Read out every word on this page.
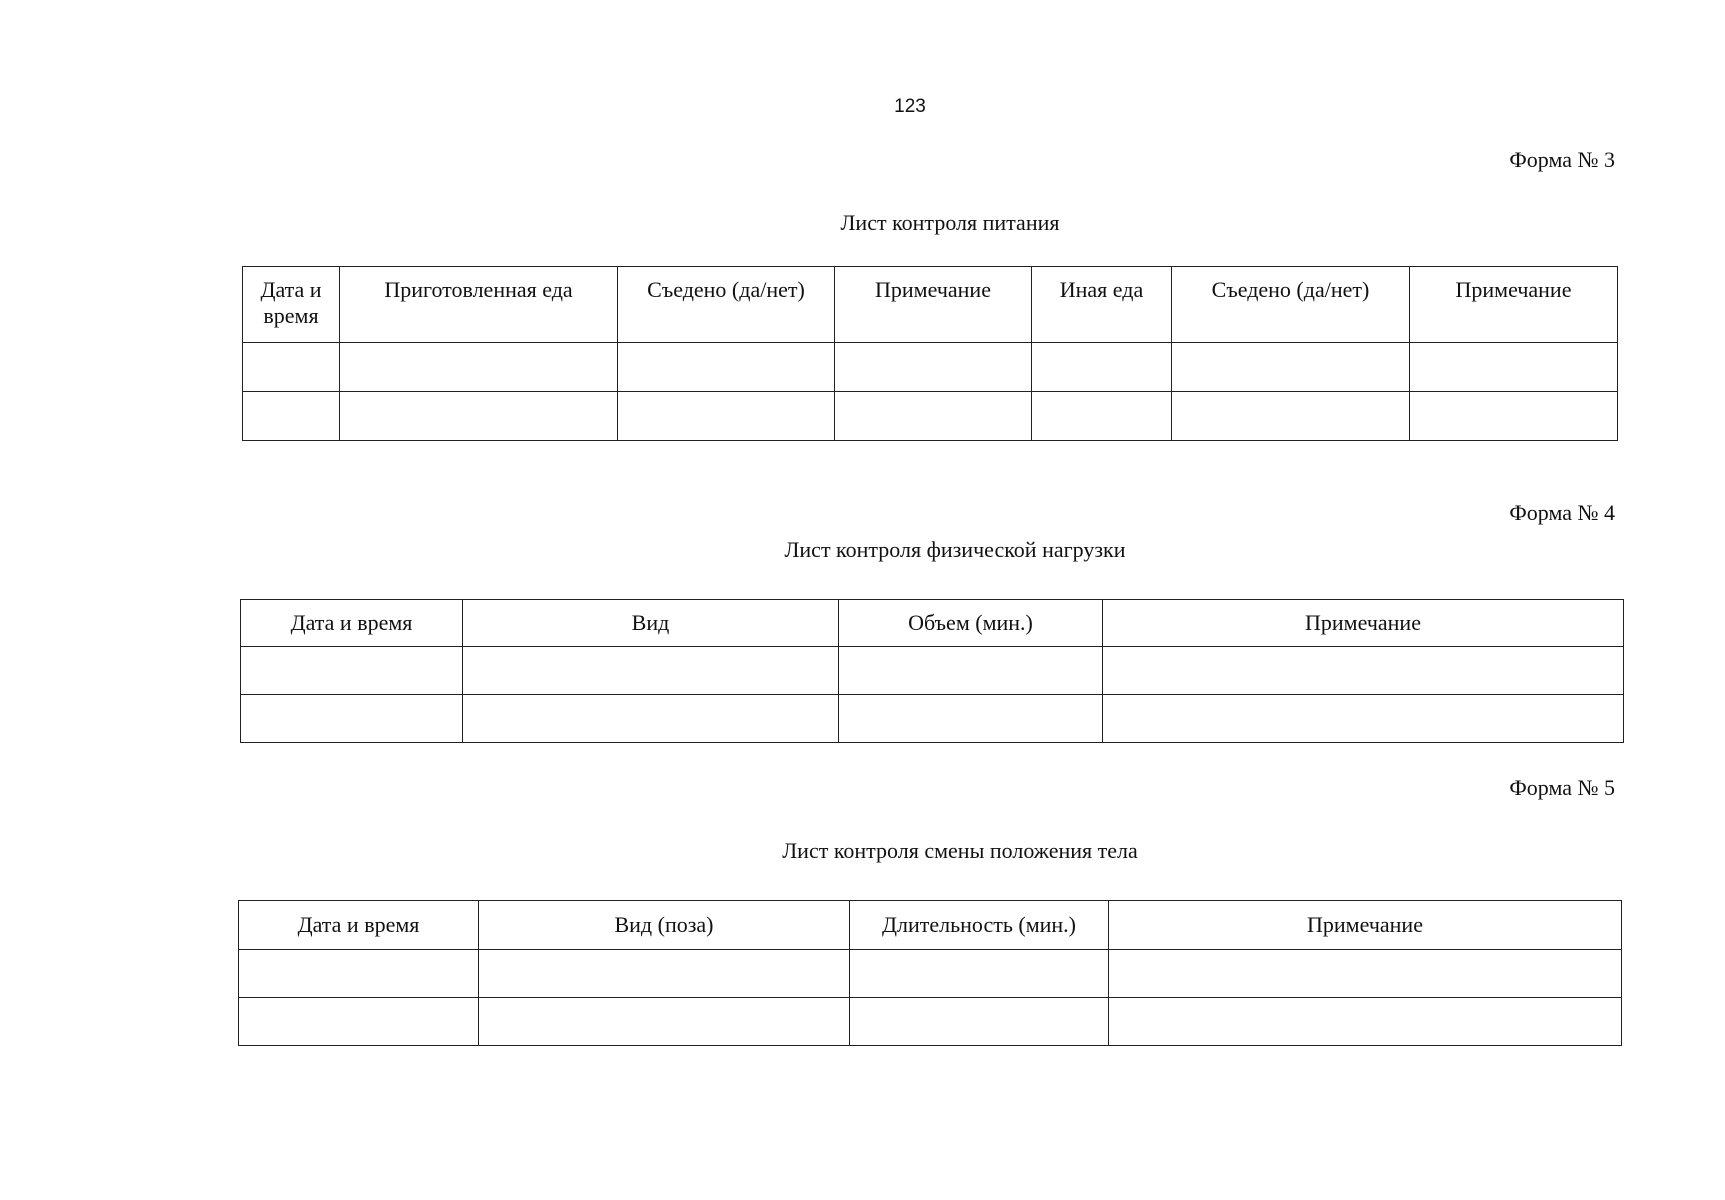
123
Форма № 3
Лист контроля питания
Дата и время	Приготовленная еда	Съедено (да/нет)	Примечание	Иная еда	Съедено (да/нет)	Примечание

Форма № 4
Лист контроля физической нагрузки
Дата и время	Вид	Объем (мин.)	Примечание

Форма № 5
Лист контроля смены положения тела
Дата и время	Вид (поза)	Длительность (мин.)	Примечание
